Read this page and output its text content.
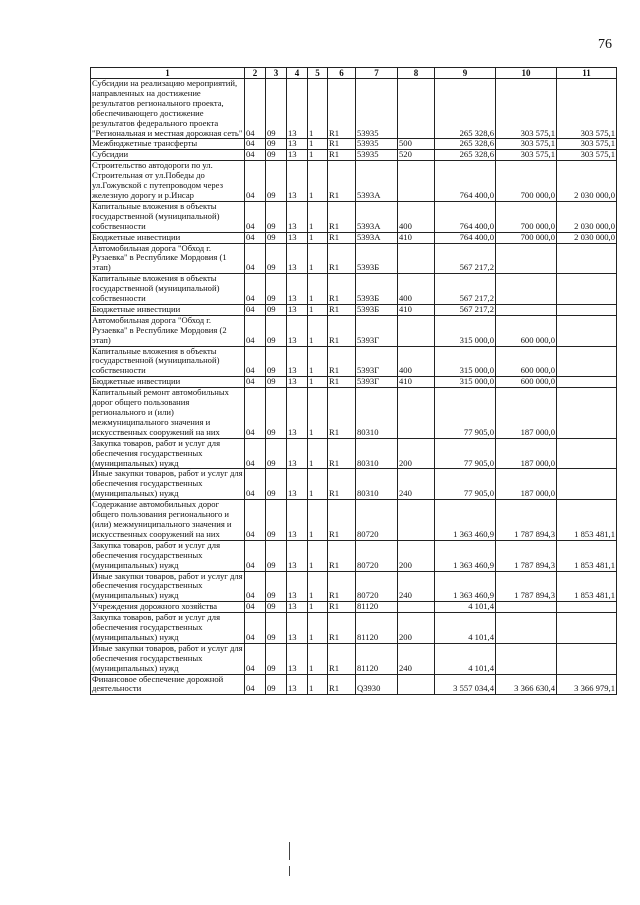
76
1	2	3	4	5	6	7	8	9	10	11
Субсидии на реализацию мероприятий, направленных на достижение результатов регионального проекта, обеспечивающего достижение результатов федерального проекта "Региональная и местная дорожная сеть"	04	09	13	1	R1	53935		265 328,6	303 575,1	303 575,1
Межбюджетные трансферты	04	09	13	1	R1	53935	500	265 328,6	303 575,1	303 575,1
Субсидии	04	09	13	1	R1	53935	520	265 328,6	303 575,1	303 575,1
Строительство автодороги по ул. Строительная от ул.Победы до ул.Гожувской с путепроводом через железную дорогу и р.Инсар	04	09	13	1	R1	5393А		764 400,0	700 000,0	2 030 000,0
Капитальные вложения в объекты государственной (муниципальной) собственности	04	09	13	1	R1	5393А	400	764 400,0	700 000,0	2 030 000,0
Бюджетные инвестиции	04	09	13	1	R1	5393А	410	764 400,0	700 000,0	2 030 000,0
Автомобильная дорога "Обход г. Рузаевка" в Республике Мордовия (1 этап)	04	09	13	1	R1	5393Б		567 217,2		
Капитальные вложения в объекты государственной (муниципальной) собственности	04	09	13	1	R1	5393Б	400	567 217,2		
Бюджетные инвестиции	04	09	13	1	R1	5393Б	410	567 217,2		
Автомобильная дорога "Обход г. Рузаевка" в Республике Мордовия (2 этап)	04	09	13	1	R1	5393Г		315 000,0	600 000,0	
Капитальные вложения в объекты государственной (муниципальной) собственности	04	09	13	1	R1	5393Г	400	315 000,0	600 000,0	
Бюджетные инвестиции	04	09	13	1	R1	5393Г	410	315 000,0	600 000,0	
Капитальный ремонт автомобильных дорог общего пользования регионального и (или) межмуниципального значения и искусственных сооружений на них	04	09	13	1	R1	80310		77 905,0	187 000,0	
Закупка товаров, работ и услуг для обеспечения государственных (муниципальных) нужд	04	09	13	1	R1	80310	200	77 905,0	187 000,0	
Иные закупки товаров, работ и услуг для обеспечения государственных (муниципальных) нужд	04	09	13	1	R1	80310	240	77 905,0	187 000,0	
Содержание автомобильных дорог общего пользования регионального и (или) межмуниципального значения и искусственных сооружений на них	04	09	13	1	R1	80720		1 363 460,9	1 787 894,3	1 853 481,1
Закупка товаров, работ и услуг для обеспечения государственных (муниципальных) нужд	04	09	13	1	R1	80720	200	1 363 460,9	1 787 894,3	1 853 481,1
Иные закупки товаров, работ и услуг для обеспечения государственных (муниципальных) нужд	04	09	13	1	R1	80720	240	1 363 460,9	1 787 894,3	1 853 481,1
Учреждения дорожного хозяйства	04	09	13	1	R1	81120		4 101,4		
Закупка товаров, работ и услуг для обеспечения государственных (муниципальных) нужд	04	09	13	1	R1	81120	200	4 101,4		
Иные закупки товаров, работ и услуг для обеспечения государственных (муниципальных) нужд	04	09	13	1	R1	81120	240	4 101,4		
Финансовое обеспечение дорожной деятельности	04	09	13	1	R1	Q3930		3 557 034,4	3 366 630,4	3 366 979,1
